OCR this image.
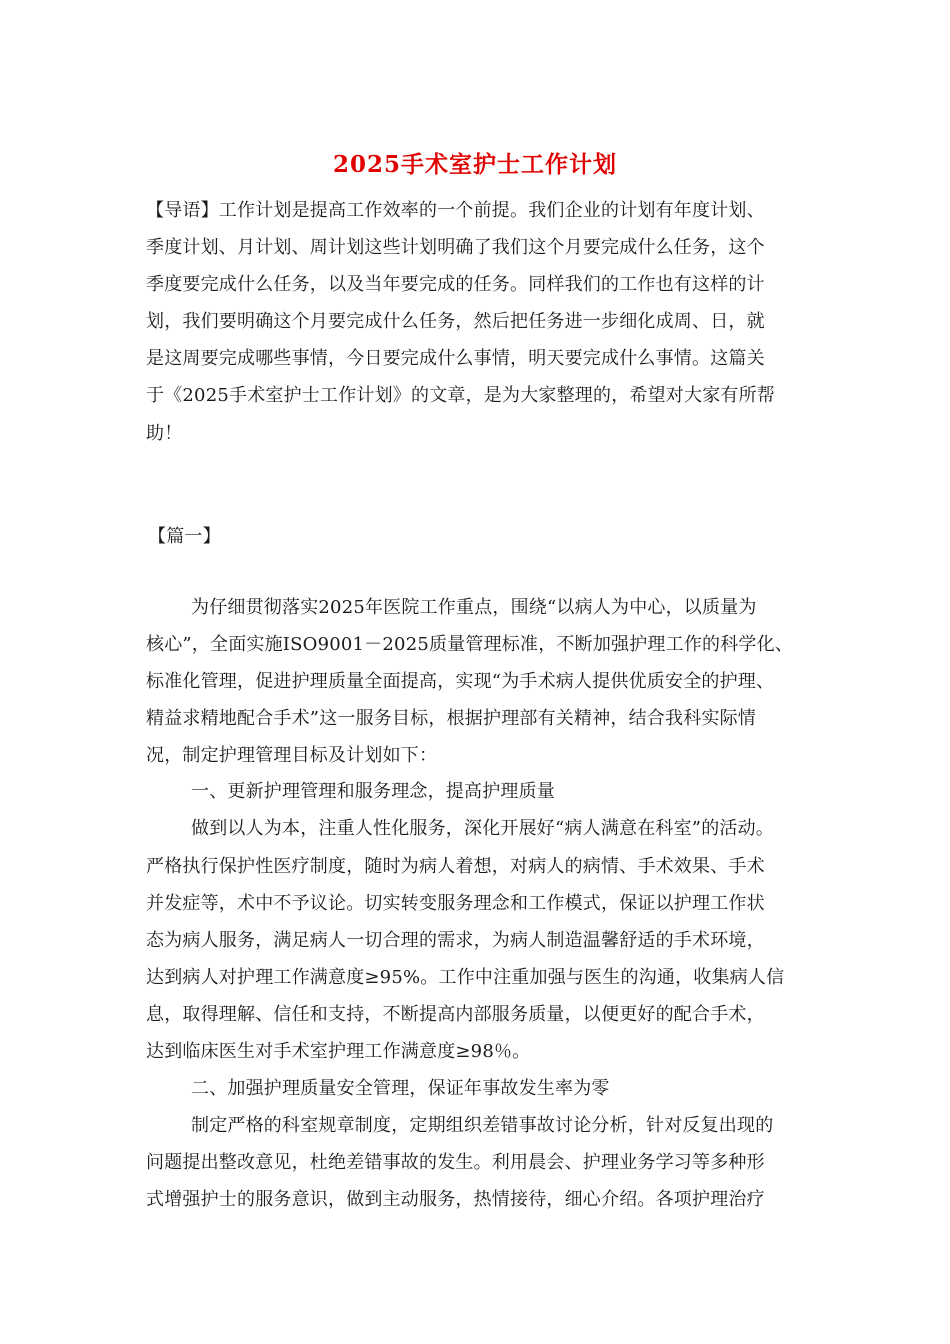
2025手术室护士工作计划
【导语】工作计划是提高工作效率的一个前提。我们企业的计划有年度计划、
季度计划、月计划、周计划这些计划明确了我们这个月要完成什么任务，这个
季度要完成什么任务，以及当年要完成的任务。同样我们的工作也有这样的计
划，我们要明确这个月要完成什么任务，然后把任务进一步细化成周、日，就
是这周要完成哪些事情，今日要完成什么事情，明天要完成什么事情。这篇关
于《2025手术室护士工作计划》的文章，是为大家整理的，希望对大家有所帮
助！
【篇一】
为仔细贯彻落实2025年医院工作重点，围绕“以病人为中心，以质量为
核心”，全面实施ISO9001－2025质量管理标准，不断加强护理工作的科学化、
标准化管理，促进护理质量全面提高，实现“为手术病人提供优质安全的护理、
精益求精地配合手术”这一服务目标，根据护理部有关精神，结合我科实际情
况，制定护理管理目标及计划如下：
一、更新护理管理和服务理念，提高护理质量
做到以人为本，注重人性化服务，深化开展好“病人满意在科室”的活动。
严格执行保护性医疗制度，随时为病人着想，对病人的病情、手术效果、手术
并发症等，术中不予议论。切实转变服务理念和工作模式，保证以护理工作状
态为病人服务，满足病人一切合理的需求，为病人制造温馨舒适的手术环境，
达到病人对护理工作满意度≥95%。工作中注重加强与医生的沟通，收集病人信
息，取得理解、信任和支持，不断提高内部服务质量，以便更好的配合手术，
达到临床医生对手术室护理工作满意度≥98％。
二、加强护理质量安全管理，保证年事故发生率为零
制定严格的科室规章制度，定期组织差错事故讨论分析，针对反复出现的
问题提出整改意见，杜绝差错事故的发生。利用晨会、护理业务学习等多种形
式增强护士的服务意识，做到主动服务，热情接待，细心介绍。各项护理治疗
